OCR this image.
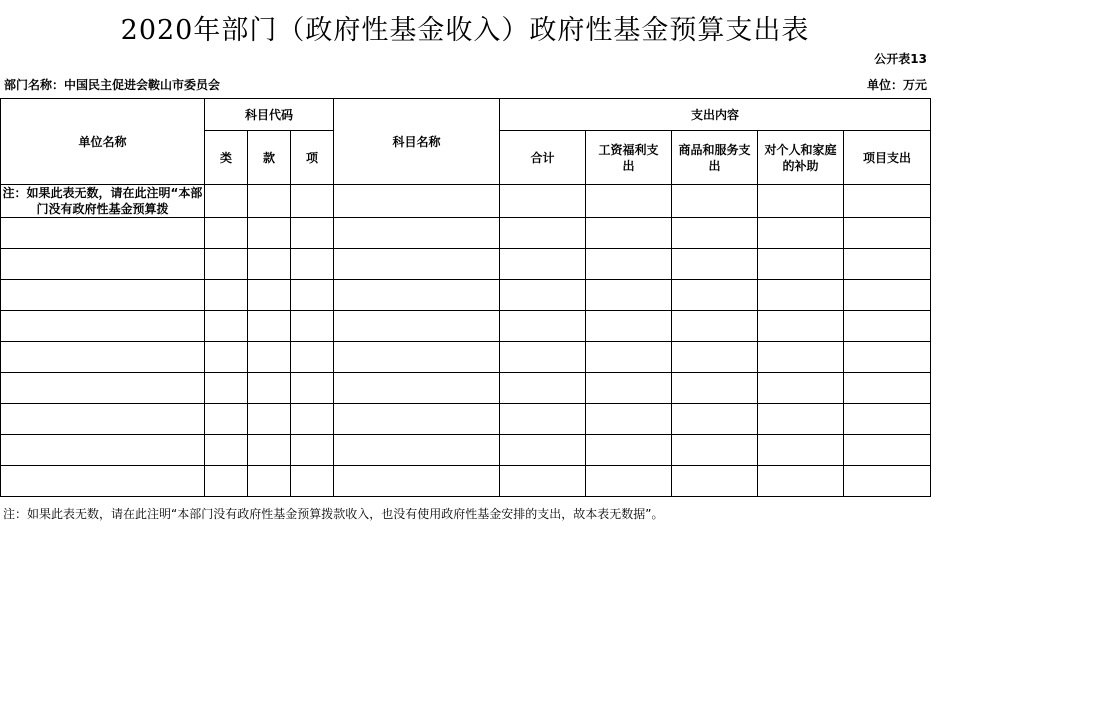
2020年部门（政府性基金收入）政府性基金预算支出表
公开表13
部门名称：中国民主促进会鞍山市委员会	单位：万元
单位名称	科目代码			科目名称	支出内容				
	类	款	项		合计	工资福利支出	商品和服务支出	对个人和家庭的补助	项目支出
注：如果此表无数，请在此注明“本部门没有政府性基金预算拨									

注：如果此表无数，请在此注明“本部门没有政府性基金预算拨款收入，也没有使用政府性基金安排的支出，故本表无数据”。
